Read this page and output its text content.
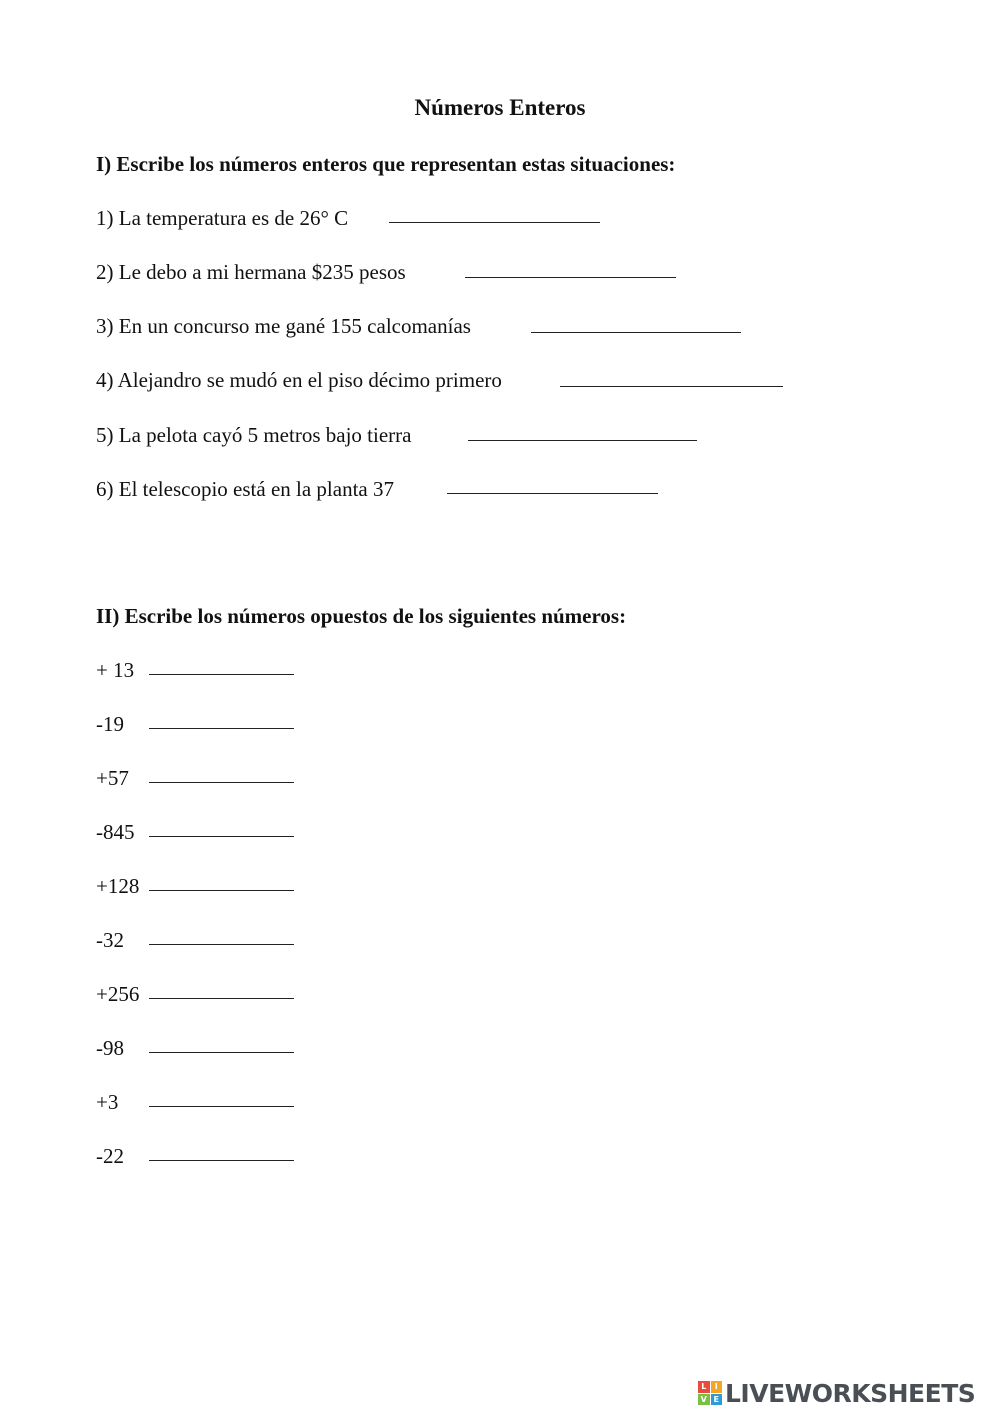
Números Enteros
I) Escribe los números enteros que representan estas situaciones:
1) La temperatura es de 26° C
2) Le debo a mi hermana $235 pesos
3) En un concurso me gané 155 calcomanías
4) Alejandro se mudó en el piso décimo primero
5) La pelota cayó 5 metros bajo tierra
6) El telescopio está en la planta 37
II) Escribe los números opuestos de los siguientes números:
+ 13
-19
+57
-845
+128
-32
+256
-98
+3
-22
L	I
V E LIVEWORKSHEETS
